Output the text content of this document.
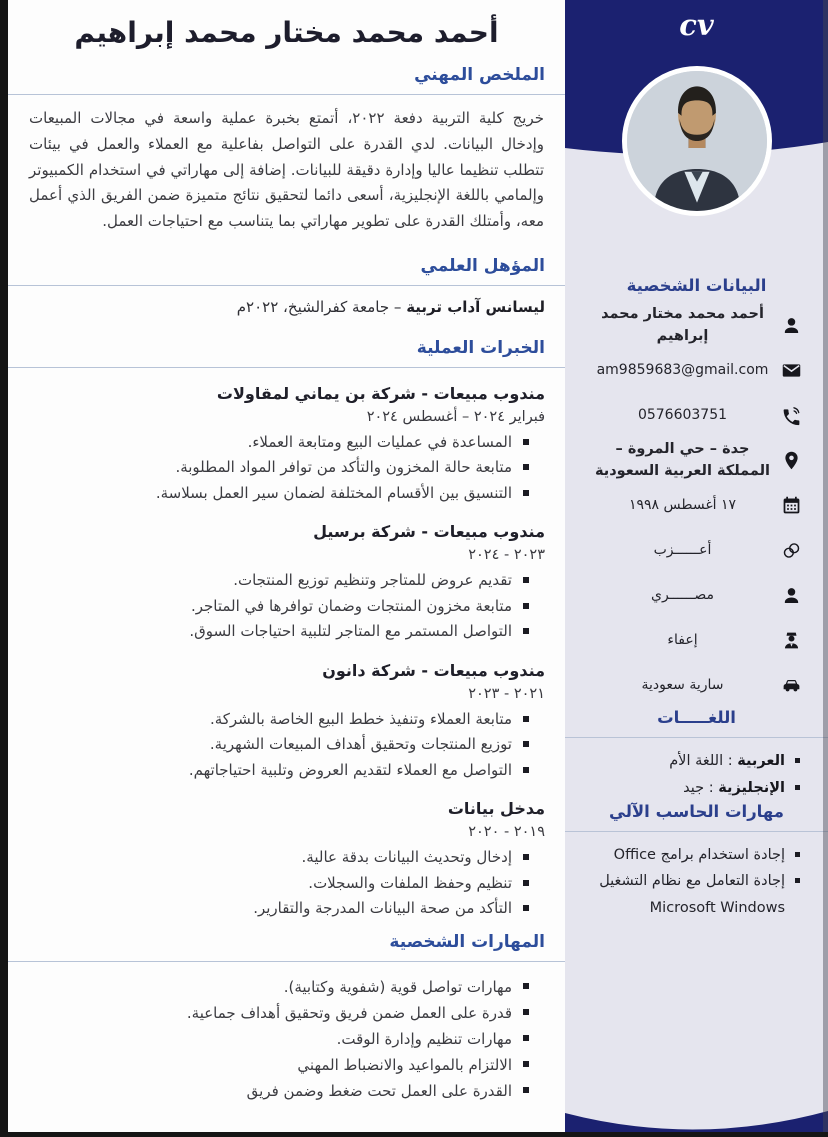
أحمد محمد مختار محمد إبراهيم
الملخص المهني

خريج كلية التربية دفعة ٢٠٢٢، أتمتع بخبرة عملية واسعة في مجالات المبيعات وإدخال البيانات. لدي القدرة على التواصل بفاعلية مع العملاء والعمل في بيئات تتطلب تنظيما عاليا وإدارة دقيقة للبيانات. إضافة إلى مهاراتي في استخدام الكمبيوتر وإلمامي باللغة الإنجليزية، أسعى دائما لتحقيق نتائج متميزة ضمن الفريق الذي أعمل معه، وأمتلك القدرة على تطوير مهاراتي بما يتناسب مع احتياجات العمل.

المؤهل العلمي

ليسانس آداب تربية – جامعة كفرالشيخ، ٢٠٢٢م

الخبرات العملية
مندوب مبيعات - شركة بن يماني لمقاولات
فبراير ٢٠٢٤ – أغسطس ٢٠٢٤
المساعدة في عمليات البيع ومتابعة العملاء.
متابعة حالة المخزون والتأكد من توافر المواد المطلوبة.
التنسيق بين الأقسام المختلفة لضمان سير العمل بسلاسة.
مندوب مبيعات - شركة برسيل
٢٠٢٣ - ٢٠٢٤
تقديم عروض للمتاجر وتنظيم توزيع المنتجات.
متابعة مخزون المنتجات وضمان توافرها في المتاجر.
التواصل المستمر مع المتاجر لتلبية احتياجات السوق.
مندوب مبيعات - شركة دانون
٢٠٢١ - ٢٠٢٣
متابعة العملاء وتنفيذ خطط البيع الخاصة بالشركة.
توزيع المنتجات وتحقيق أهداف المبيعات الشهرية.
التواصل مع العملاء لتقديم العروض وتلبية احتياجاتهم.
مدخل بيانات
٢٠١٩ - ٢٠٢٠
إدخال وتحديث البيانات بدقة عالية.
تنظيم وحفظ الملفات والسجلات.
التأكد من صحة البيانات المدرجة والتقارير.
المهارات الشخصية
مهارات تواصل قوية (شفوية وكتابية).
قدرة على العمل ضمن فريق وتحقيق أهداف جماعية.
مهارات تنظيم وإدارة الوقت.
الالتزام بالمواعيد والانضباط المهني
القدرة على العمل تحت ضغط وضمن فريق
cv
البيانات الشخصية
أحمد محمد مختار محمد إبراهيم
am9859683@gmail.com
0576603751
جدة – حي المروة – المملكة العربية السعودية
١٧ أغسطس ١٩٩٨
أعــــــزب
مصــــــري
إعفاء
سارية سعودية
اللغـــــات
العربية : اللغة الأم
الإنجليزية : جيد
مهارات الحاسب الآلي
إجادة استخدام برامج Office
إجادة التعامل مع نظام التشغيل Microsoft Windows
